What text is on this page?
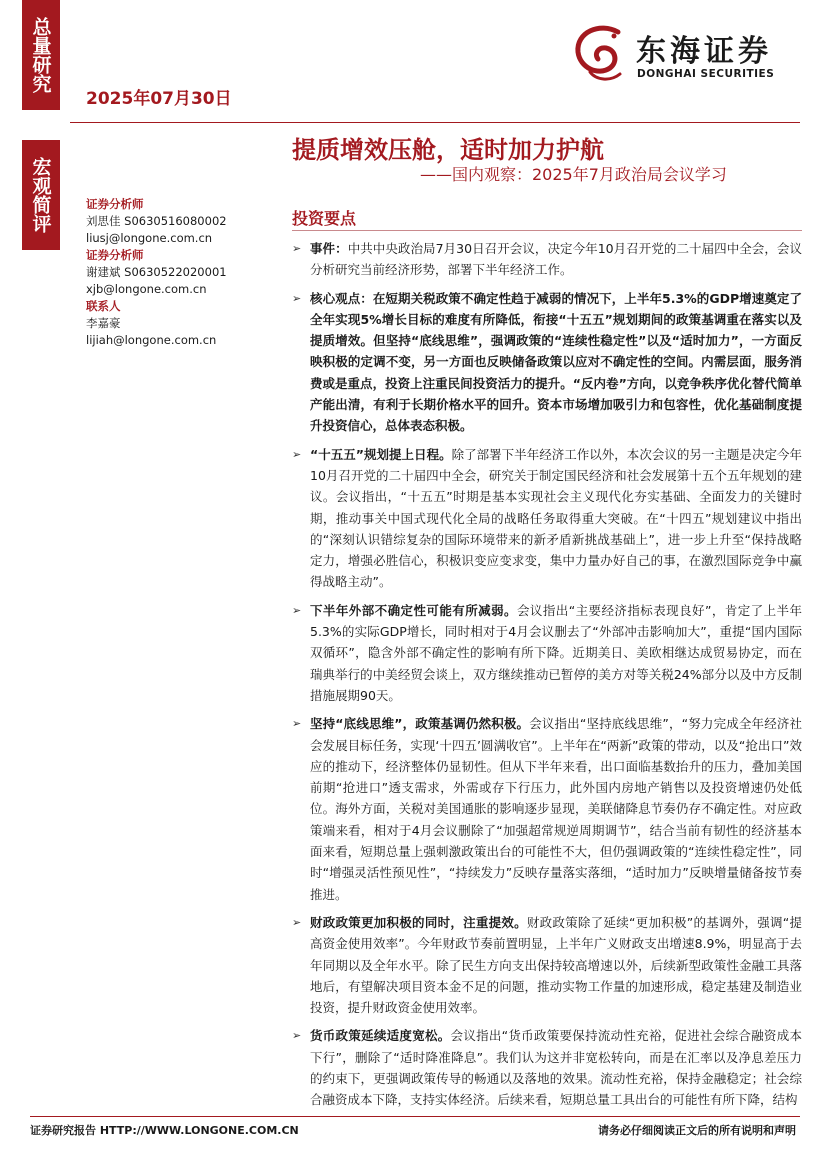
总量研究
宏观简评
2025年07月30日
东海证券
DONGHAI SECURITIES
提质增效压舱，适时加力护航
——国内观察：2025年7月政治局会议学习
证券分析师
刘思佳 S0630516080002
liusj@longone.com.cn
证券分析师
谢建斌 S0630522020001
xjb@longone.com.cn
联系人
李嘉豪
lijiah@longone.com.cn
投资要点
➢ 事件：中共中央政治局7月30日召开会议，决定今年10月召开党的二十届四中全会，会议分析研究当前经济形势，部署下半年经济工作。
➢ 核心观点：在短期关税政策不确定性趋于减弱的情况下，上半年5.3%的GDP增速奠定了全年实现5%增长目标的难度有所降低，衔接“十五五”规划期间的政策基调重在落实以及提质增效。但坚持“底线思维”，强调政策的“连续性稳定性”以及“适时加力”，一方面反映积极的定调不变，另一方面也反映储备政策以应对不确定性的空间。内需层面，服务消费或是重点，投资上注重民间投资活力的提升。“反内卷”方向，以竞争秩序优化替代简单产能出清，有利于长期价格水平的回升。资本市场增加吸引力和包容性，优化基础制度提升投资信心，总体表态积极。
➢ “十五五”规划提上日程。除了部署下半年经济工作以外，本次会议的另一主题是决定今年10月召开党的二十届四中全会，研究关于制定国民经济和社会发展第十五个五年规划的建议。会议指出，“十五五”时期是基本实现社会主义现代化夯实基础、全面发力的关键时期，推动事关中国式现代化全局的战略任务取得重大突破。在“十四五”规划建议中指出的“深刻认识错综复杂的国际环境带来的新矛盾新挑战基础上”，进一步上升至“保持战略定力，增强必胜信心，积极识变应变求变，集中力量办好自己的事，在激烈国际竞争中赢得战略主动”。
➢ 下半年外部不确定性可能有所减弱。会议指出“主要经济指标表现良好”，肯定了上半年5.3%的实际GDP增长，同时相对于4月会议删去了“外部冲击影响加大”，重提“国内国际双循环”，隐含外部不确定性的影响有所下降。近期美日、美欧相继达成贸易协定，而在瑞典举行的中美经贸会谈上，双方继续推动已暂停的美方对等关税24%部分以及中方反制措施展期90天。
➢ 坚持“底线思维”，政策基调仍然积极。会议指出“坚持底线思维”，“努力完成全年经济社会发展目标任务，实现‘十四五’圆满收官”。上半年在“两新”政策的带动，以及“抢出口”效应的推动下，经济整体仍显韧性。但从下半年来看，出口面临基数抬升的压力，叠加美国前期“抢进口”透支需求，外需或存下行压力，此外国内房地产销售以及投资增速仍处低位。海外方面，关税对美国通胀的影响逐步显现，美联储降息节奏仍存不确定性。对应政策端来看，相对于4月会议删除了“加强超常规逆周期调节”，结合当前有韧性的经济基本面来看，短期总量上强刺激政策出台的可能性不大，但仍强调政策的“连续性稳定性”，同时“增强灵活性预见性”，“持续发力”反映存量落实落细，“适时加力”反映增量储备按节奏推进。
➢ 财政政策更加积极的同时，注重提效。财政政策除了延续“更加积极”的基调外，强调“提高资金使用效率”。今年财政节奏前置明显，上半年广义财政支出增速8.9%，明显高于去年同期以及全年水平。除了民生方向支出保持较高增速以外，后续新型政策性金融工具落地后，有望解决项目资本金不足的问题，推动实物工作量的加速形成，稳定基建及制造业投资，提升财政资金使用效率。
➢ 货币政策延续适度宽松。会议指出“货币政策要保持流动性充裕，促进社会综合融资成本下行”，删除了“适时降准降息”。我们认为这并非宽松转向，而是在汇率以及净息差压力的约束下，更强调政策传导的畅通以及落地的效果。流动性充裕，保持金融稳定；社会综合融资成本下降，支持实体经济。后续来看，短期总量工具出台的可能性有所下降，结构
证券研究报告 HTTP://WWW.LONGONE.COM.CN	请务必仔细阅读正文后的所有说明和声明
